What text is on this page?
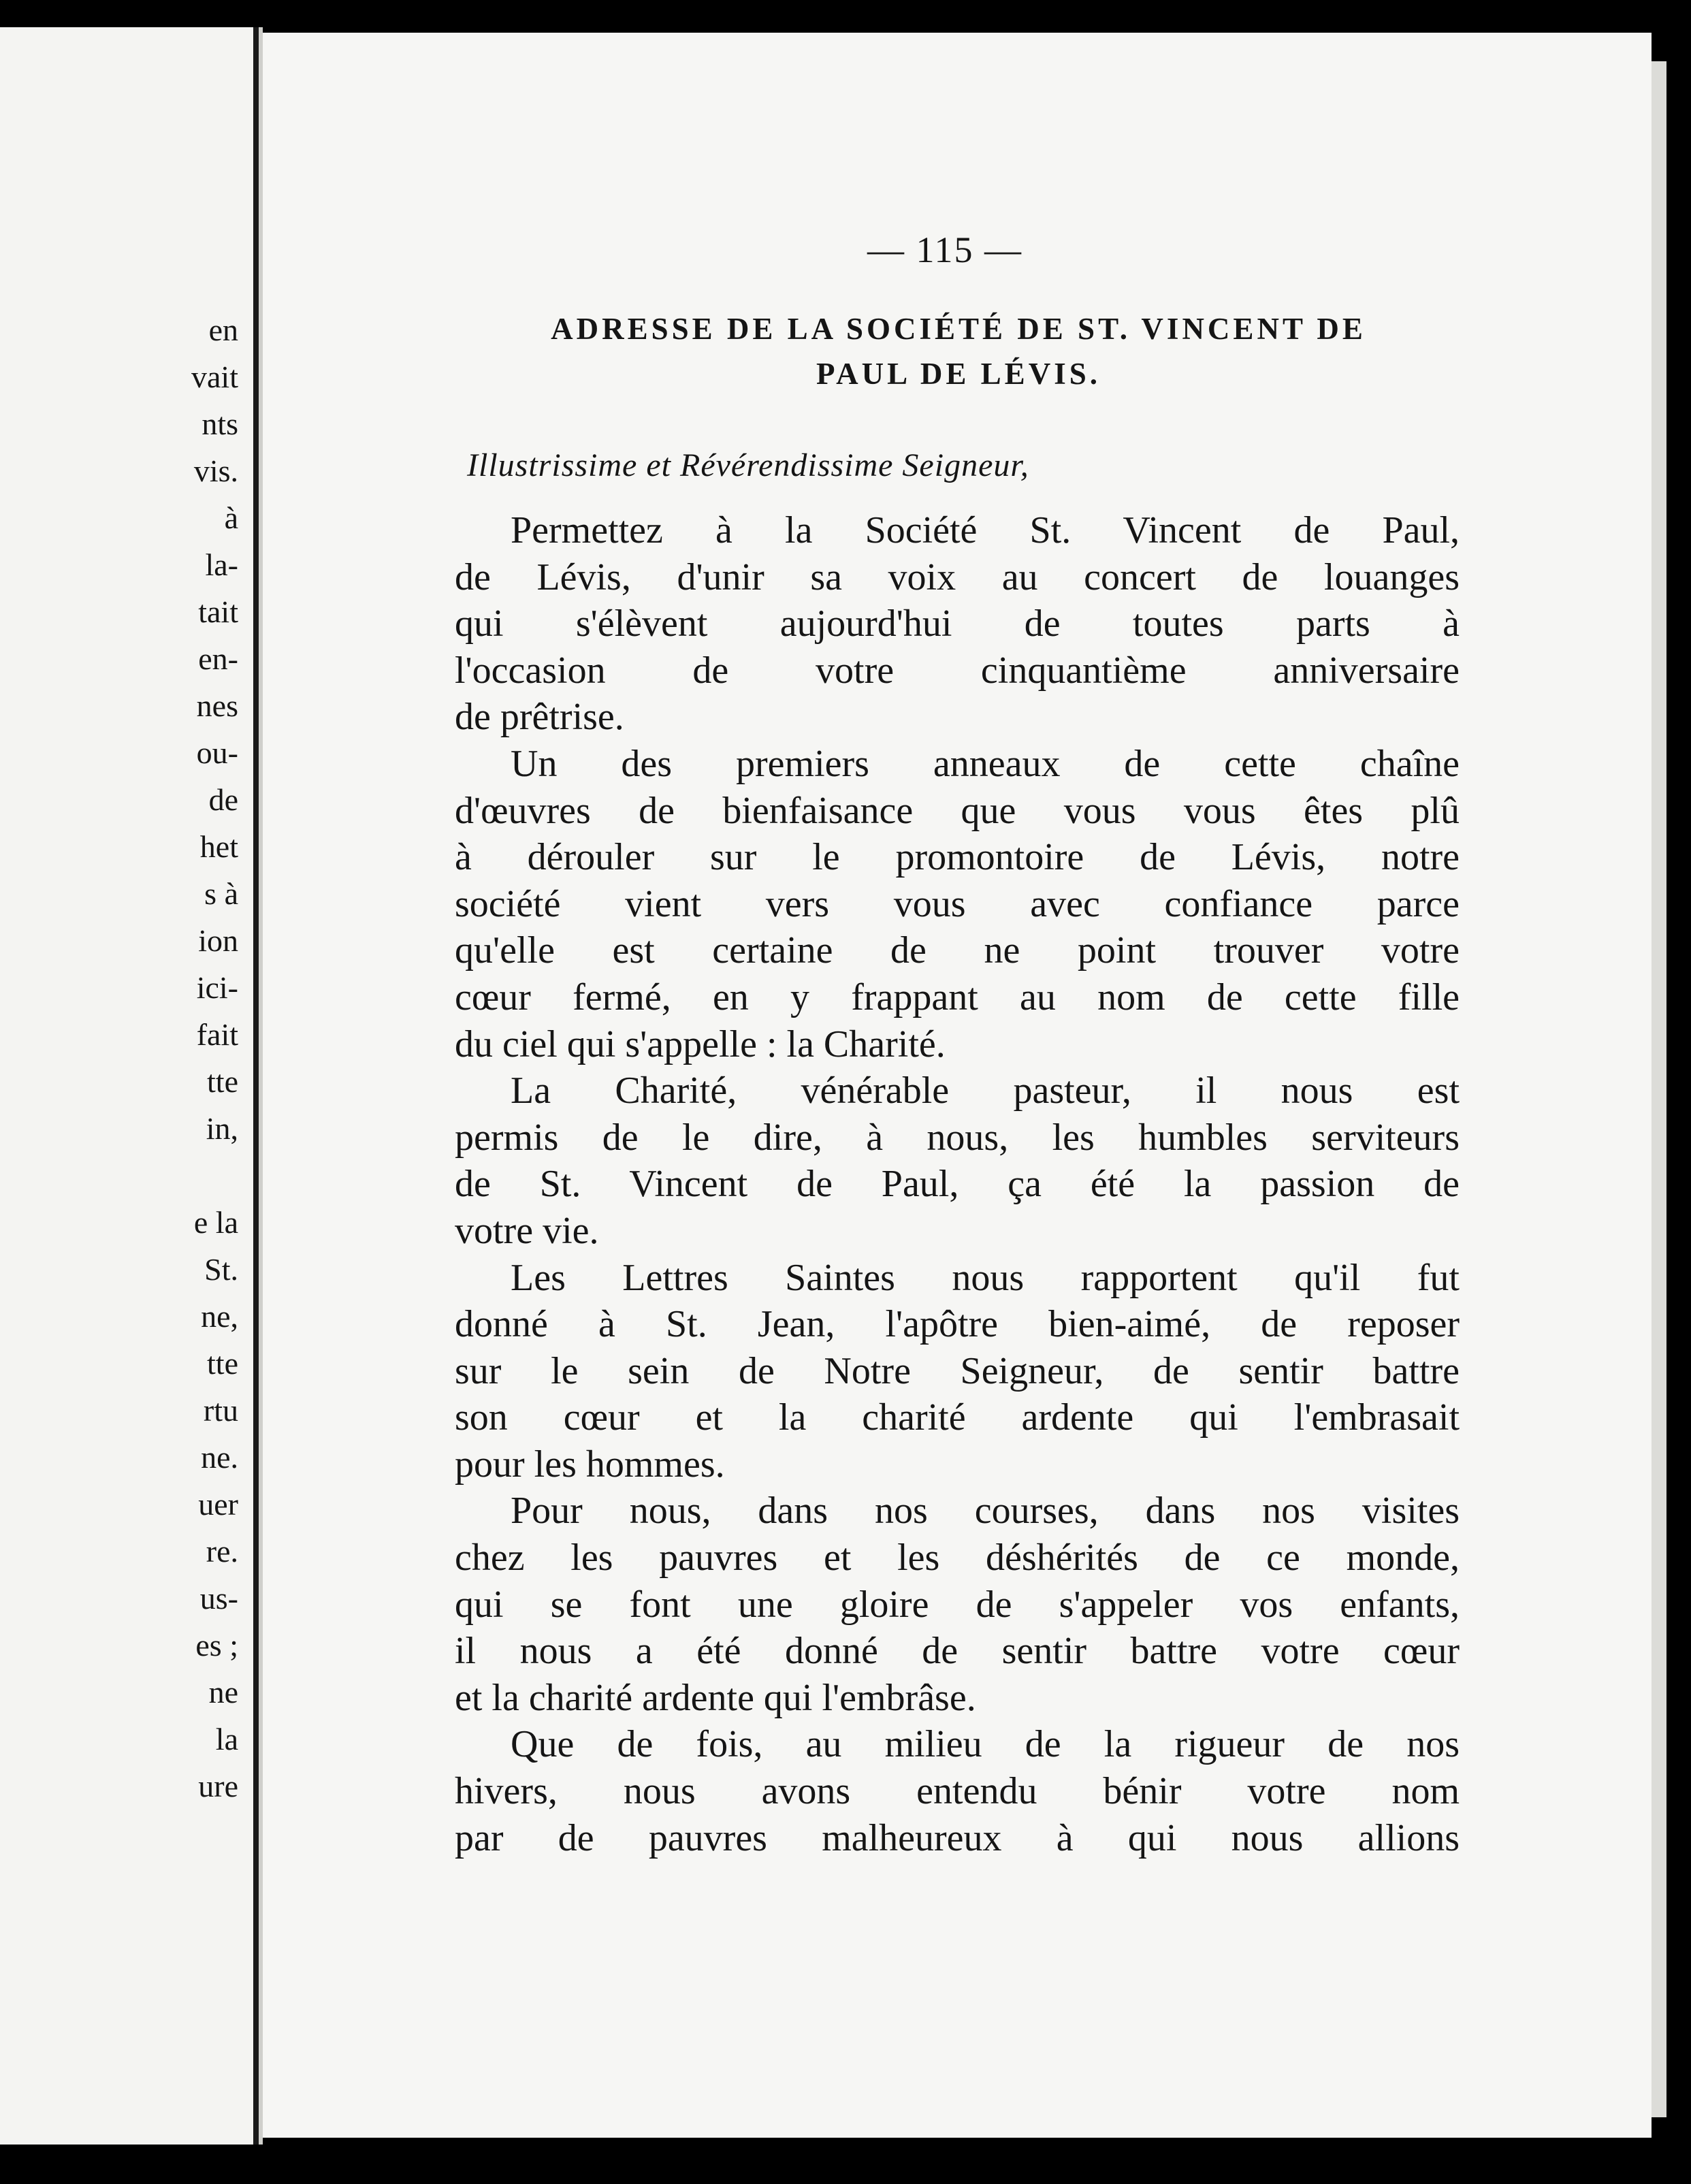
en
vait
nts
vis.
à
la-
tait
en-
nes
ou-
de
het
s à
ion
ici-
fait
tte
in,
e la
St.
ne,
tte
rtu
ne.
uer
re.
us-
es ;
ne
la
ure
— 115 —
ADRESSE DE LA SOCIÉTÉ DE ST. VINCENT DE
PAUL DE LÉVIS.
Illustrissime et Révérendissime Seigneur,
Permettez à la Société St. Vincent de Paul,
de Lévis, d'unir sa voix au concert de louanges
qui s'élèvent aujourd'hui de toutes parts à
l'occasion de votre cinquantième anniversaire
de prêtrise.
Un des premiers anneaux de cette chaîne
d'œuvres de bienfaisance que vous vous êtes plû
à dérouler sur le promontoire de Lévis, notre
société vient vers vous avec confiance parce
qu'elle est certaine de ne point trouver votre
cœur fermé, en y frappant au nom de cette fille
du ciel qui s'appelle : la Charité.
La Charité, vénérable pasteur, il nous est
permis de le dire, à nous, les humbles serviteurs
de St. Vincent de Paul, ça été la passion de
votre vie.
Les Lettres Saintes nous rapportent qu'il fut
donné à St. Jean, l'apôtre bien-aimé, de reposer
sur le sein de Notre Seigneur, de sentir battre
son cœur et la charité ardente qui l'embrasait
pour les hommes.
Pour nous, dans nos courses, dans nos visites
chez les pauvres et les déshérités de ce monde,
qui se font une gloire de s'appeler vos enfants,
il nous a été donné de sentir battre votre cœur
et la charité ardente qui l'embrâse.
Que de fois, au milieu de la rigueur de nos
hivers, nous avons entendu bénir votre nom
par de pauvres malheureux à qui nous allions
